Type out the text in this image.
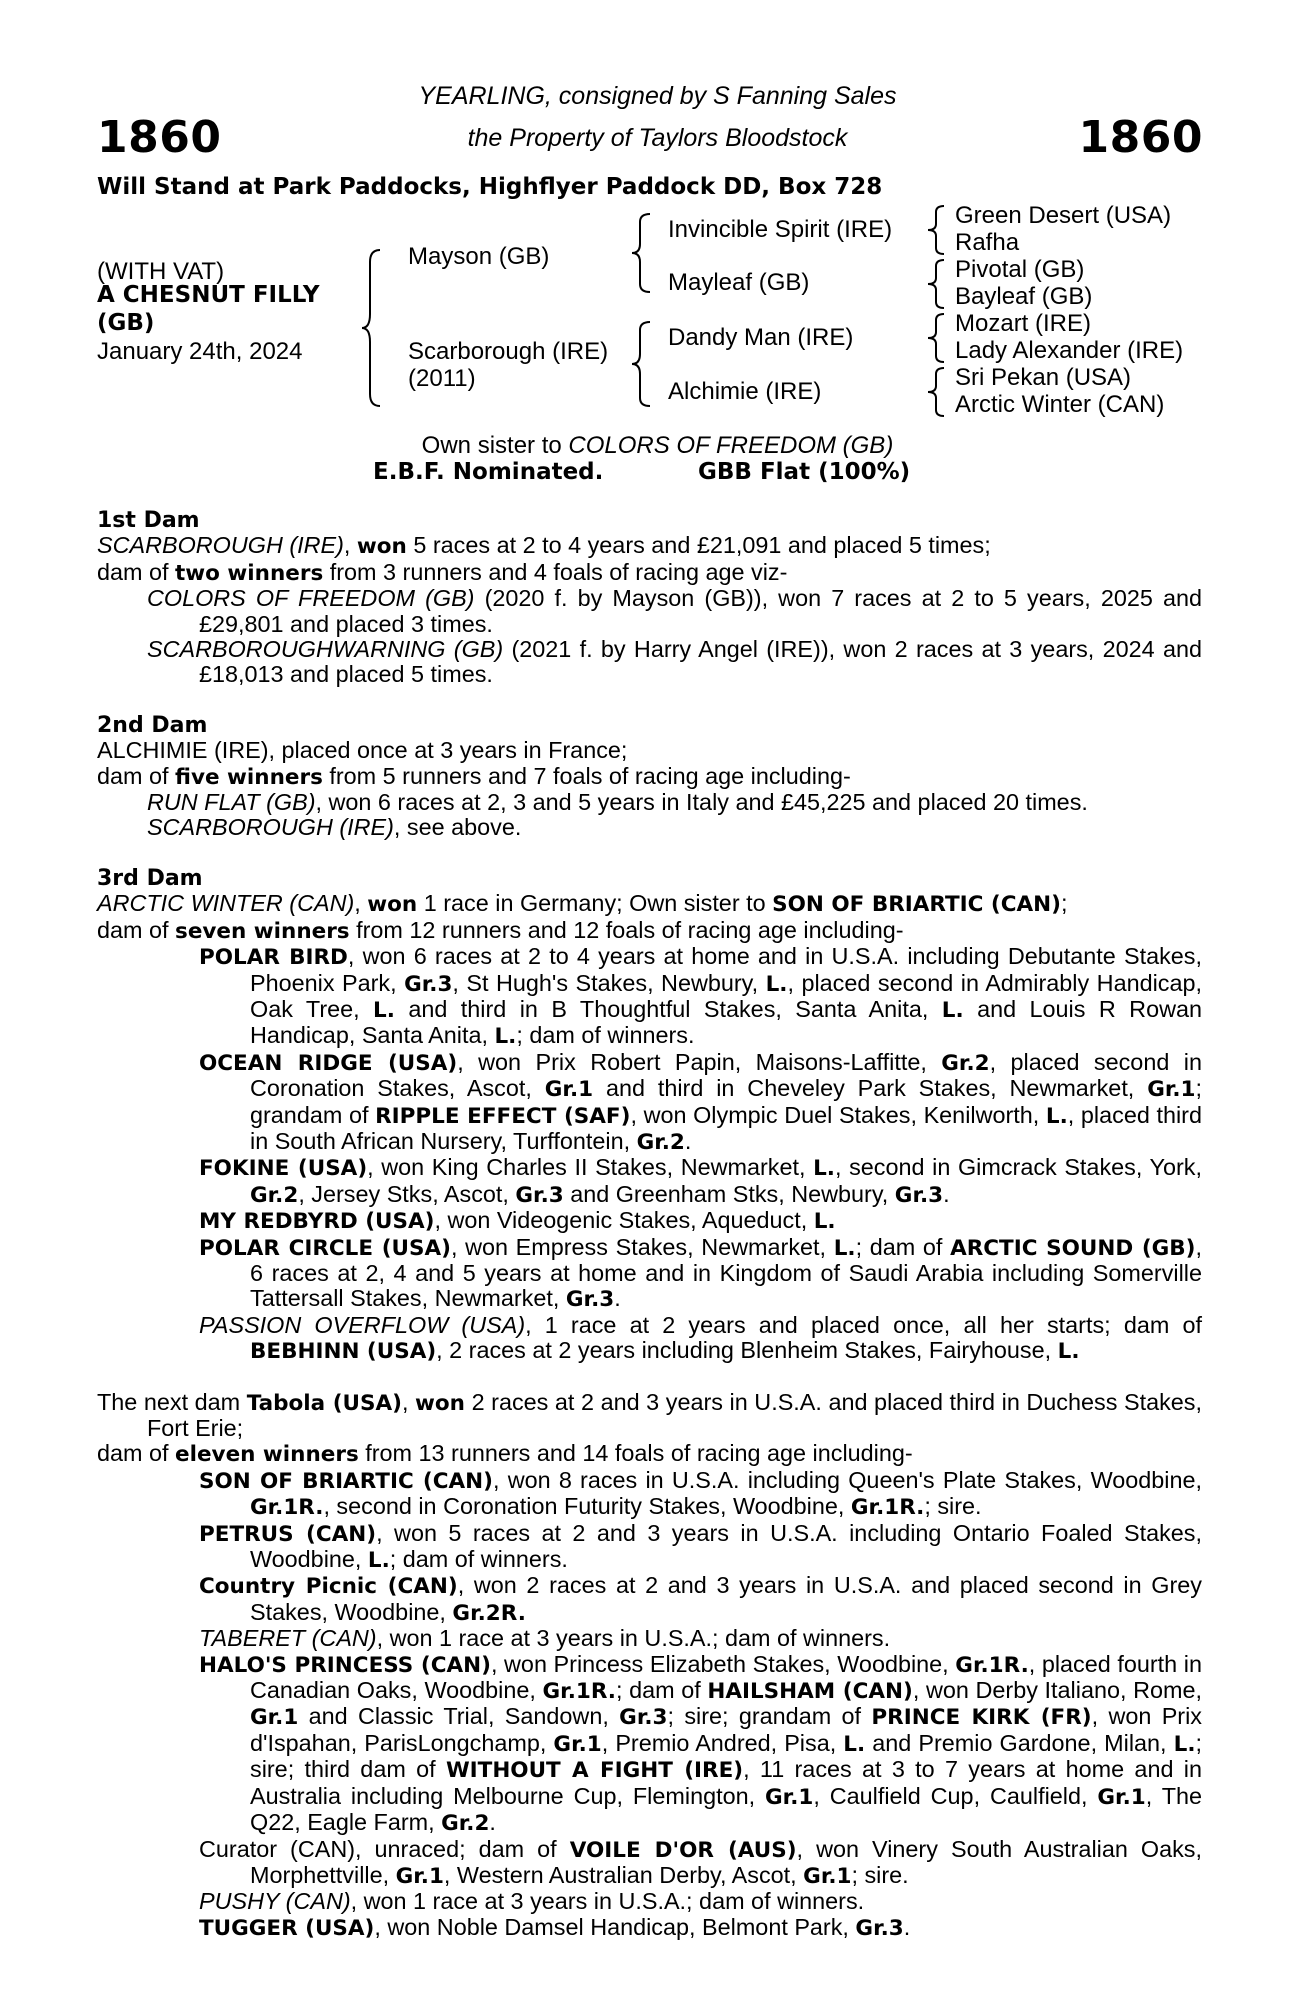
1860	1860
YEARLING, consigned by S Fanning Sales
the Property of Taylors Bloodstock
Will Stand at Park Paddocks, Highflyer Paddock DD, Box 728
(WITH VAT)
A CHESNUT FILLY
(GB)
January 24th, 2024
Mayson (GB)
Scarborough (IRE)
(2011)
Invincible Spirit (IRE)
Mayleaf (GB)
Dandy Man (IRE)
Alchimie (IRE)
Green Desert (USA)
Rafha
Pivotal (GB)
Bayleaf (GB)
Mozart (IRE)
Lady Alexander (IRE)
Sri Pekan (USA)
Arctic Winter (CAN)
Own sister to COLORS OF FREEDOM (GB)
E.B.F. Nominated.	GBB Flat (100%)
1st Dam
SCARBOROUGH (IRE), won 5 races at 2 to 4 years and £21,091 and placed 5 times;
dam of two winners from 3 runners and 4 foals of racing age viz-
COLORS OF FREEDOM (GB) (2020 f. by Mayson (GB)), won 7 races at 2 to 5 years, 2025 and £29,801 and placed 3 times.
SCARBOROUGHWARNING (GB) (2021 f. by Harry Angel (IRE)), won 2 races at 3 years, 2024 and £18,013 and placed 5 times.
2nd Dam
ALCHIMIE (IRE), placed once at 3 years in France;
dam of five winners from 5 runners and 7 foals of racing age including-
RUN FLAT (GB), won 6 races at 2, 3 and 5 years in Italy and £45,225 and placed 20 times.
SCARBOROUGH (IRE), see above.
3rd Dam
ARCTIC WINTER (CAN), won 1 race in Germany; Own sister to SON OF BRIARTIC (CAN);
dam of seven winners from 12 runners and 12 foals of racing age including-
POLAR BIRD, won 6 races at 2 to 4 years at home and in U.S.A. including Debutante Stakes, Phoenix Park, Gr.3, St Hugh's Stakes, Newbury, L., placed second in Admirably Handicap, Oak Tree, L. and third in B Thoughtful Stakes, Santa Anita, L. and Louis R Rowan Handicap, Santa Anita, L.; dam of winners.
OCEAN RIDGE (USA), won Prix Robert Papin, Maisons-Laffitte, Gr.2, placed second in Coronation Stakes, Ascot, Gr.1 and third in Cheveley Park Stakes, Newmarket, Gr.1; grandam of RIPPLE EFFECT (SAF), won Olympic Duel Stakes, Kenilworth, L., placed third in South African Nursery, Turffontein, Gr.2.
FOKINE (USA), won King Charles II Stakes, Newmarket, L., second in Gimcrack Stakes, York, Gr.2, Jersey Stks, Ascot, Gr.3 and Greenham Stks, Newbury, Gr.3.
MY REDBYRD (USA), won Videogenic Stakes, Aqueduct, L.
POLAR CIRCLE (USA), won Empress Stakes, Newmarket, L.; dam of ARCTIC SOUND (GB), 6 races at 2, 4 and 5 years at home and in Kingdom of Saudi Arabia including Somerville Tattersall Stakes, Newmarket, Gr.3.
PASSION OVERFLOW (USA), 1 race at 2 years and placed once, all her starts; dam of BEBHINN (USA), 2 races at 2 years including Blenheim Stakes, Fairyhouse, L.
The next dam Tabola (USA), won 2 races at 2 and 3 years in U.S.A. and placed third in Duchess Stakes, Fort Erie;
dam of eleven winners from 13 runners and 14 foals of racing age including-
SON OF BRIARTIC (CAN), won 8 races in U.S.A. including Queen's Plate Stakes, Woodbine, Gr.1R., second in Coronation Futurity Stakes, Woodbine, Gr.1R.; sire.
PETRUS (CAN), won 5 races at 2 and 3 years in U.S.A. including Ontario Foaled Stakes, Woodbine, L.; dam of winners.
Country Picnic (CAN), won 2 races at 2 and 3 years in U.S.A. and placed second in Grey Stakes, Woodbine, Gr.2R.
TABERET (CAN), won 1 race at 3 years in U.S.A.; dam of winners.
HALO'S PRINCESS (CAN), won Princess Elizabeth Stakes, Woodbine, Gr.1R., placed fourth in Canadian Oaks, Woodbine, Gr.1R.; dam of HAILSHAM (CAN), won Derby Italiano, Rome, Gr.1 and Classic Trial, Sandown, Gr.3; sire; grandam of PRINCE KIRK (FR), won Prix d'Ispahan, ParisLongchamp, Gr.1, Premio Andred, Pisa, L. and Premio Gardone, Milan, L.; sire; third dam of WITHOUT A FIGHT (IRE), 11 races at 3 to 7 years at home and in Australia including Melbourne Cup, Flemington, Gr.1, Caulfield Cup, Caulfield, Gr.1, The Q22, Eagle Farm, Gr.2.
Curator (CAN), unraced; dam of VOILE D'OR (AUS), won Vinery South Australian Oaks, Morphettville, Gr.1, Western Australian Derby, Ascot, Gr.1; sire.
PUSHY (CAN), won 1 race at 3 years in U.S.A.; dam of winners.
TUGGER (USA), won Noble Damsel Handicap, Belmont Park, Gr.3.
